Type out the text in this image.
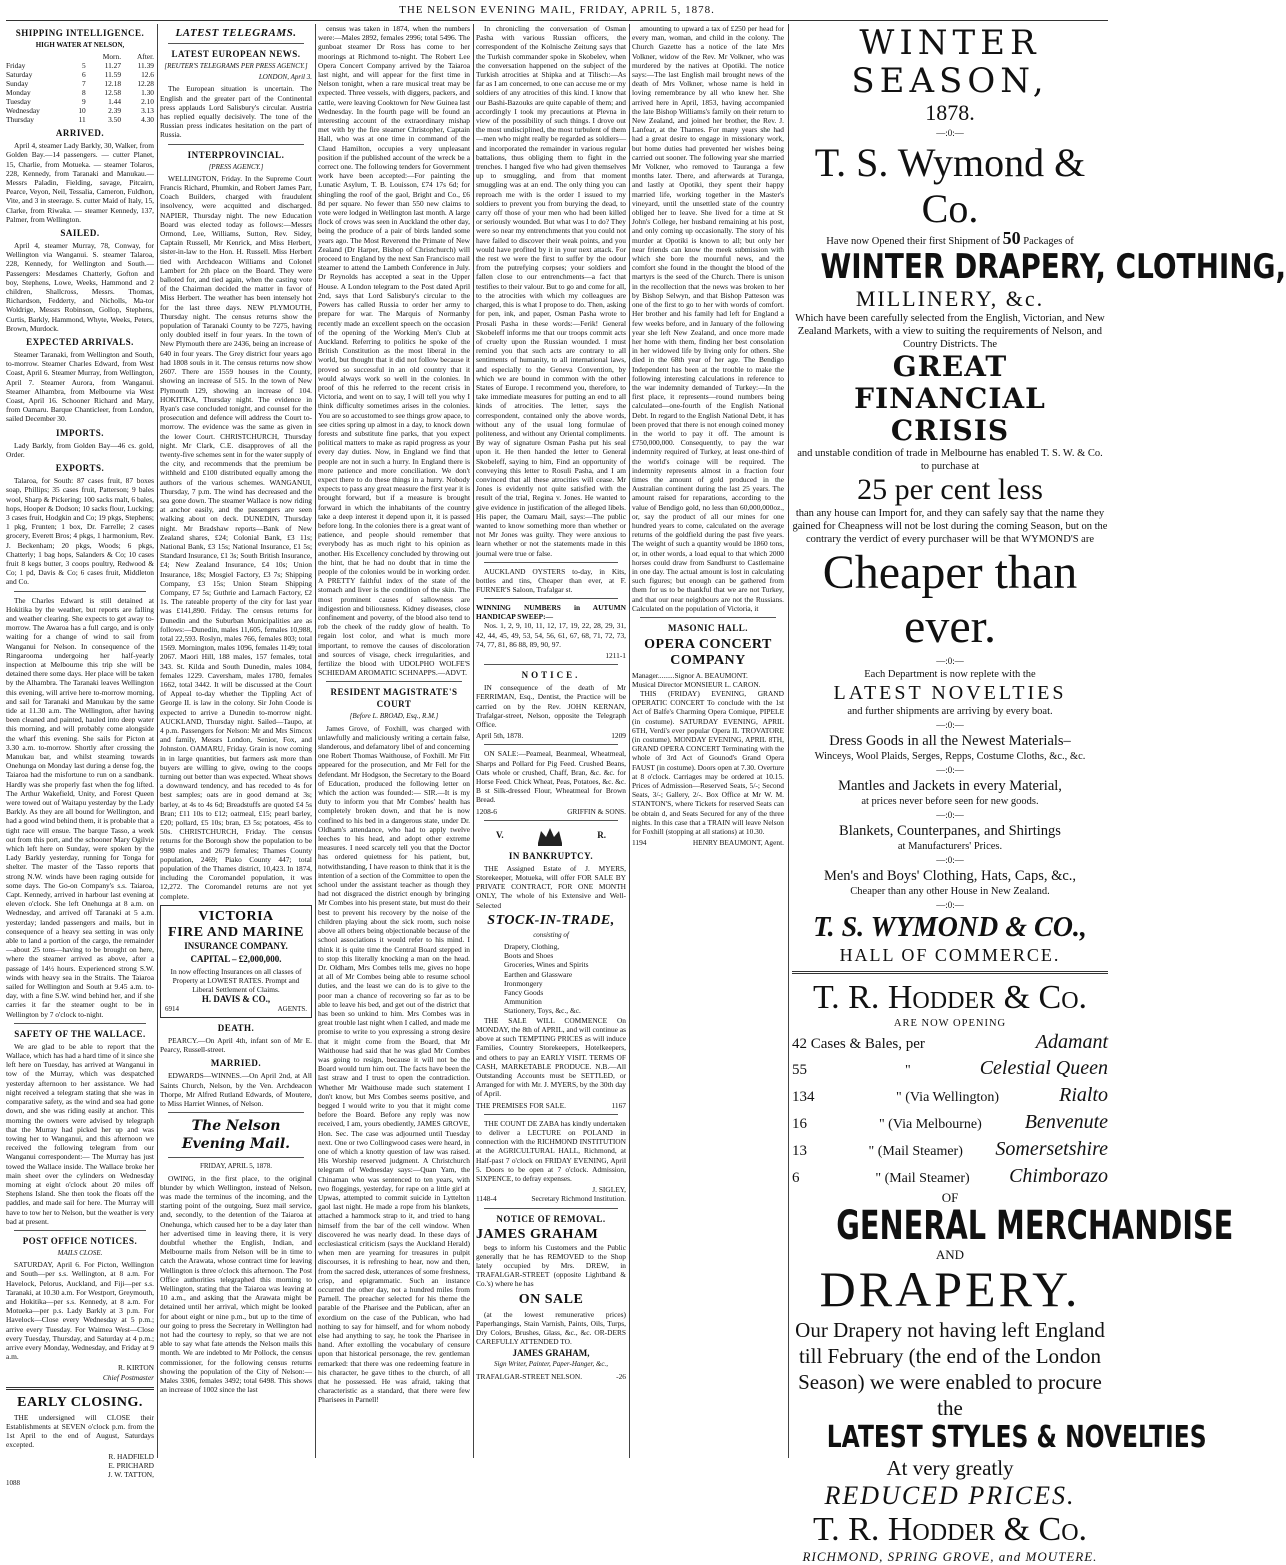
THE NELSON EVENING MAIL, FRIDAY, APRIL 5, 1878.
SHIPPING INTELLIGENCE.
HIGH WATER AT NELSON,
		Morn.	After.
Friday	5	11.27	11.39
Saturday	6	11.59	12.6
Sunday	7	12.18	12.28
Monday	8	12.58	1.30
Tuesday	9	1.44	2.10
Wednesday	10	2.39	3.13
Thursday	11	3.50	4.30
ARRIVED.

April 4, steamer Lady Barkly, 30, Walker, from Golden Bay.—14 passengers. — cutter Planet, 15, Charlie, from Motueka. — steamer Tolaros, 228, Kennedy, from Taranaki and Manukau.—Messrs Paladin, Fielding, savage, Pitcairn, Pearce, Veyon, Neil, Tessalia, Cameron, Fuldhon, Vite, and 3 in steerage. S. cutter Maid of Italy, 15, Clarke, from Riwaka. — steamer Kennedy, 137, Palmer, from Wellington.

SAILED.

April 4, steamer Murray, 78, Conway, for Wellington via Wanganui. S. steamer Talaroa, 228, Kennedy, for Wellington and South.—Passengers: Mesdames Chatterly, Gofton and boy, Stephens, Lowe, Weeks, Hammond and 2 children, Shallcross, Messrs. Thomas, Richardson, Fedderty, and Nicholls, Ma-tor Woldrige, Messrs Robinson, Gollop, Stephens, Curtis, Barkly, Hammond, Whyte, Weeks, Peters, Brown, Murdock.

EXPECTED ARRIVALS.

Steamer Taranaki, from Wellington and South, to-morrow. Steamer Charles Edward, from West Coast, April 6. Steamer Murray, from Wellington, April 7. Steamer Aurora, from Wanganui. Steamer Alhambra, from Melbourne via West Coast, April 16. Schooner Richard and Mary, from Oamaru. Barque Chanticleer, from London, sailed December 30.

IMPORTS.

Lady Barkly, from Golden Bay—46 cs. gold, Order.

EXPORTS.

Talaroa, for South: 87 cases fruit, 87 boxes soap, Phillips; 35 cases fruit, Patterson; 9 bales wool, Sharp & Pickering; 100 sacks malt, 6 bales, hops, Hooper & Dodson; 10 sacks flour, Lucking; 3 cases fruit, Hodgkin and Co; 19 pkgs, Stephens; 1 pkg, Frunten; 1 box, Dr. Farrelle; 2 cases grocery, Everett Bros; 4 pkgs, 1 harmonium, Rev. J. Beckenham; 20 pkgs, Woods; 6 pkgs, Chatterly; 1 bag hops, Salanders & Co; 10 cases fruit 8 kegs butter, 3 coops poultry, Redwood & Co; 1 pd, Davis & Co; 6 cases fruit, Middleton and Co.

The Charles Edward is still detained at Hokitika by the weather, but reports are falling and weather clearing. She expects to get away to-morrow. The Awaroa has a full cargo, and is only waiting for a change of wind to sail from Wanganui for Nelson. In consequence of the Ringarooma undergoing her half-yearly inspection at Melbourne this trip she will be detained there some days. Her place will be taken by the Alhambra. The Taranaki leaves Wellington this evening, will arrive here to-morrow morning, and sail for Taranaki and Manukau by the same tide at 11.30 a.m. The Wellington, after having been cleaned and painted, hauled into deep water this morning, and will probably come alongside the wharf this evening. She sails for Picton at 3.30 a.m. to-morrow. Shortly after crossing the Manukau bar, and whilst steaming towards Onehunga on Monday last during a dense fog, the Taiaroa had the misfortune to run on a sandbank. Hardly was she properly fast when the fog lifted. The Arthur Wakefield, Unity, and Forest Queen were towed out of Waitapu yesterday by the Lady Barkly. As they are all bound for Wellington, and had a good wind behind them, it is probable that a tight race will ensue. The barque Tasso, a week out from this port, and the schooner Mary Ogilvie which left here on Sunday, were spoken by the Lady Barkly yesterday, running for Tonga for shelter. The master of the Tasso reports that strong N.W. winds have been raging outside for some days. The Go-on Company's s.s. Taiaroa, Capt. Kennedy, arrived in harbour last evening at eleven o'clock. She left Onehunga at 8 a.m. on Wednesday, and arrived off Taranaki at 5 a.m. yesterday; landed passengers and mails, but in consequence of a heavy sea setting in was only able to land a portion of the cargo, the remainder—about 25 tons—having to be brought on here, where the steamer arrived as above, after a passage of 14½ hours. Experienced strong S.W. winds with heavy sea in the Straits. The Taiaroa sailed for Wellington and South at 9.45 a.m. to-day, with a fine S.W. wind behind her, and if she carries it far the steamer ought to be in Wellington by 7 o'clock to-night.

SAFETY OF THE WALLACE.

We are glad to be able to report that the Wallace, which has had a hard time of it since she left here on Tuesday, has arrived at Wanganui in tow of the Murray, which was despatched yesterday afternoon to her assistance. We had night received a telegram stating that she was in comparative safety, as the wind and sea had gone down, and she was riding easily at anchor. This morning the owners were advised by telegraph that the Murray had picked her up and was towing her to Wanganui, and this afternoon we received the following telegram from our Wanganui correspondent:— The Murray has just towed the Wallace inside. The Wallace broke her main sheet over the cylinders on Wednesday morning at eight o'clock about 20 miles off Stephens Island. She then took the floats off the paddles, and made sail for here. The Murray will have to tow her to Nelson, but the weather is very bad at present.

POST OFFICE NOTICES.
MAILS CLOSE.

SATURDAY, April 6. For Picton, Wellington and South—per s.s. Wellington, at 8 a.m. For Havelock, Pelorus, Auckland, and Fiji—per s.s. Taranaki, at 10.30 a.m. For Westport, Greymouth, and Hokitika—per s.s. Kennedy, at 8 a.m. For Motueka—per p.s. Lady Barkly at 3 p.m. For Havelock—Close every Wednesday at 5 p.m.; arrive every Tuesday. For Waimea West—Close every Tuesday, Thursday, and Saturday at 4 p.m.; arrive every Monday, Wednesday, and Friday at 9 a.m.

R. KIRTON
Chief Postmaster
EARLY CLOSING.

THE undersigned will CLOSE their Establishments at SEVEN o'clock p.m. from the 1st April to the end of August, Saturdays excepted.

R. HADFIELD
E. PRICHARD
J. W. TATTON,
1088
LATEST TELEGRAMS.
LATEST EUROPEAN NEWS.
[REUTER'S TELEGRAMS PER PRESS AGENCY.]
LONDON, April 3.

The European situation is uncertain. The English and the greater part of the Continental press applauds Lord Salisbury's circular. Austria has replied equally decisively. The tone of the Russian press indicates hesitation on the part of Russia.

INTERPROVINCIAL.
[PRESS AGENCY.]

WELLINGTON, Friday. In the Supreme Court Francis Richard, Phumkin, and Robert James Parr, Coach Builders, charged with fraudulent insolvency, were acquitted and discharged. NAPIER, Thursday night. The new Education Board was elected today as follows:—Messrs Ormond, Lee, Williams, Sutton, Rev. Sidey, Captain Russell, Mr Kenrick, and Miss Herbert, sister-in-law to the Hon. H. Russell. Miss Herbert tied with Archdeacon Williams and Colonel Lambert for 2th place on the Board. They were balloted for, and tied again, when the casting vote of the Chairman decided the matter in favor of Miss Herbert. The weather has been intensely hot for the last three days. NEW PLYMOUTH, Thursday night. The census returns show the population of Taranaki County to be 7275, having only doubled itself in four years. In the town of New Plymouth there are 2436, being an increase of 640 in four years. The Grey district four years ago had 1808 souls in it. The census returns now show 2607. There are 1559 houses in the County, showing an increase of 515. In the town of New Plymouth 129, showing an increase of 104. HOKITIKA, Thursday night. The evidence in Ryan's case concluded tonight, and counsel for the prosecution and defence will address the Court to-morrow. The evidence was the same as given in the lower Court. CHRISTCHURCH, Thursday night. Mr Clark, C.E. disapproves of all the twenty-five schemes sent in for the water supply of the city, and recommends that the premium be withheld and £100 distributed equally among the authors of the various schemes. WANGANUI, Thursday, 7 p.m. The wind has decreased and the sea gone down. The steamer Wallace is now riding at anchor easily, and the passengers are seen walking about on deck. DUNEDIN, Thursday night. Mr Bradshaw reports—Bank of New Zealand shares, £24; Colonial Bank, £3 11s; National Bank, £3 15s; National Insurance, £1 5s; Standard Insurance, £1 3s; South British Insurance, £4; New Zealand Insurance, £4 10s; Union Insurance, 18s; Mosgiel Factory, £3 7s; Shipping Company, £3 15s; Union Steam Shipping Company, £7 5s; Guthrie and Larnach Factory, £2 1s. The rateable property of the city for last year was £141,890. Friday. The census returns for Dunedin and the Suburban Municipalities are as follows:—Dunedin, males 11,605, females 10,988, total 22,593. Roslyn, males 766, females 803; total 1569. Mornington, males 1096, females 1149; total 2067. Maori Hill, 188 males, 157 females, total 343. St. Kilda and South Dunedin, males 1084, females 1229. Caversham, males 1780, females 1662, total 3442. It will be discussed at the Court of Appeal to-day whether the Tippling Act of George II. is law in the colony. Sir John Coode is expected to arrive a Dunedin to-morrow night. AUCKLAND, Thursday night. Sailed—Taupo, at 4 p.m. Passengers for Nelson: Mr and Mrs Simcox and family, Messrs London, Senior, Fox, and Johnston. OAMARU, Friday. Grain is now coming in in large quantities, but farmers ask more than buyers are willing to give, owing to the coops turning out better than was expected. Wheat shows a downward tendency, and has receded to 4s for best samples; oats are in good demand at 3s; barley, at 4s to 4s 6d; Breadstuffs are quoted £4 5s Bran; £11 10s to £12; oatmeal, £15; pearl barley, £20; pollard, £5 10s; bran, £3 5s; potatoes, 45s to 50s. CHRISTCHURCH, Friday. The census returns for the Borough show the population to be 9980 males and 2679 females; Thames County population, 2469; Piako County 447; total population of the Thames district, 10,423. In 1874, including the Coromandel population, it was 12,272. The Coromandel returns are not yet complete.

VICTORIA
FIRE AND MARINE
INSURANCE COMPANY.
CAPITAL – £2,000,000.
In now effecting Insurances on all classes of Property at LOWEST RATES. Prompt and Liberal Settlement of Claims.
H. DAVIS & CO.,
6914	AGENTS.
DEATH.

PEARCY.—On April 4th, infant son of Mr E. Pearcy, Russell-street.

MARRIED.

EDWARDS—WINNES.—On April 2nd, at All Saints Church, Nelson, by the Ven. Archdeacon Thorpe, Mr Alfred Rutland Edwards, of Moutere, to Miss Harriet Winnes, of Nelson.

The Nelson Evening Mail.
FRIDAY, APRIL 5, 1878.

OWING, in the first place, to the original blunder by which Wellington, instead of Nelson, was made the terminus of the incoming, and the starting point of the outgoing, Suez mail service, and, secondly, to the detention of the Taiaroa at Onehunga, which caused her to be a day later than her advertised time in leaving there, it is very doubtful whether the English, Indian, and Melbourne mails from Nelson will be in time to catch the Arawata, whose contract time for leaving Wellington is three o'clock this afternoon. The Post Office authorities telegraphed this morning to Wellington, stating that the Taiaroa was leaving at 10 a.m., and asking that the Arawata might be detained until her arrival, which might be looked for about eight or nine p.m., but up to the time of our going to press the Secretary in Wellington had not had the courtesy to reply, so that we are not able to say what fate attends the Nelson mails this month. We are indebted to Mr Pollock, the census commissioner, for the following census returns showing the population of the City of Nelson:—Males 3306, females 3492; total 6498. This shows an increase of 1002 since the last

census was taken in 1874, when the numbers were:—Males 2892, females 2996; total 5496. The gunboat steamer Dr Ross has come to her moorings at Richmond to-night. The Robert Lee Opera Concert Company arrived by the Taiaroa last night, and will appear for the first time in Nelson tonight, when a rare musical treat may be expected. Three vessels, with diggers, packers, and cattle, were leaving Cooktown for New Guinea last Wednesday. In the fourth page will be found an interesting account of the extraordinary mishap met with by the fire steamer Christopher, Captain Hall, who was at one time in command of the Claud Hamilton, occupies a very unpleasant position if the published account of the wreck be a correct one. The following tenders for Government work have been accepted:—For painting the Lunatic Asylum, T. B. Louisson, £74 17s 6d; for shingling the roof of the gaol, Bright and Co., £6 8d per square. No fewer than 550 new claims to vote were lodged in Wellington last month. A large flock of crows was seen in Auckland the other day, being the produce of a pair of birds landed some years ago. The Most Reverend the Primate of New Zealand (Dr Harper, Bishop of Christchurch) will proceed to England by the next San Francisco mail steamer to attend the Lambeth Conference in July. Dr Reynolds has accepted a seat in the Upper House. A London telegram to the Post dated April 2nd, says that Lord Salisbury's circular to the Powers has called Russia to order her army to prepare for war. The Marquis of Normanby recently made an excellent speech on the occasion of the opening of the Working Men's Club at Auckland. Referring to politics he spoke of the British Constitution as the most liberal in the world, but thought that it did not follow because it proved so successful in an old country that it would always work so well in the colonies. In proof of this he referred to the recent crisis in Victoria, and went on to say, I will tell you why I think difficulty sometimes arises in the colonies. You are so accustomed to see things grow apace, to see cities spring up almost in a day, to knock down forests and substitute fine parks, that you expect political matters to make as rapid progress as your every day duties. Now, in England we find that people are not in such a hurry. In England there is more patience and more conciliation. We don't expect there to do these things in a hurry. Nobody expects to pass any great measure the first year it is brought forward, but if a measure is brought forward in which the inhabitants of the country take a deep interest it depend upon it, it is passed before long. In the colonies there is a great want of patience, and people should remember that everybody has as much right to his opinion as another. His Excellency concluded by throwing out the hint, that he had no doubt that in time the people of the colonies would be in working order. A PRETTY faithful index of the state of the stomach and liver is the condition of the skin. The most prominent causes of sallowness are indigestion and biliousness. Kidney diseases, close confinement and poverty, of the blood also tend to rob the cheek of the ruddy glow of health. To regain lost color, and what is much more important, to remove the causes of discoloration and sources of visage, check irregularities, and fertilize the blood with UDOLPHO WOLFE'S SCHIEDAM AROMATIC SCHNAPPS.—ADVT.

RESIDENT MAGISTRATE'S COURT
[Before L. BROAD, Esq., R.M.]

James Grove, of Foxhill, was charged with unlawfully and maliciously writing a certain false, slanderous, and defamatory libel of and concerning one Robert Thomas Waithouse, of Foxhill. Mr Fitt appeared for the prosecution, and Mr Fell for the defendant. Mr Hodgson, the Secretary to the Board of Education, produced the following letter on which the action was founded:— SIR.—It is my duty to inform you that Mr Combes' health has completely broken down, and that he is now confined to his bed in a dangerous state, under Dr. Oldham's attendance, who had to apply twelve leeches to his head, and adopt other extreme measures. I need scarcely tell you that the Doctor has ordered quietness for his patient, but, notwithstanding, I have reason to think that it is the intention of a section of the Committee to open the school under the assistant teacher as though they had not disgraced the district enough by bringing Mr Combes into his present state, but must do their best to prevent his recovery by the noise of the children playing about the sick room, such noise above all others being objectionable because of the school associations it would refer to his mind. I think it is quite time the Central Board stepped in to stop this literally knocking a man on the head. Dr. Oldham, Mrs Combes tells me, gives no hope at all of Mr Combes being able to resume school duties, and the least we can do is to give to the poor man a chance of recovering so far as to be able to leave his bed, and get out of the district that has been so unkind to him. Mrs Combes was in great trouble last night when I called, and made me promise to write to you expressing a strong desire that it might come from the Board, that Mr Waithouse had said that he was glad Mr Combes was going to resign, because it will not be the Board would turn him out. The facts have been the last straw and I trust to open the contradiction. Whether Mr Waithouse made such statement I don't know, but Mrs Combes seems positive, and begged I would write to you that it might come before the Board. Before any reply was now received, I am, yours obediently, JAMES GROVE, Hon. Sec. The case was adjourned until Tuesday next. One or two Collingwood cases were heard, in one of which a knotty question of law was raised. His Worship reserved judgment. A Christchurch telegram of Wednesday says:—Quan Yam, the Chinaman who was sentenced to ten years, with two floggings, yesterday, for rape on a little girl at Upwas, attempted to commit suicide in Lyttelton gaol last night. He made a rope from his blankets, attached a hammock strap to it, and tried to hang himself from the bar of the cell window. When discovered he was nearly dead. In these days of ecclesiastical criticism (says the Auckland Herald) when men are yearning for treasures in pulpit discourses, it is refreshing to hear, now and then, from the sacred desk, utterances of some freshness, crisp, and epigrammatic. Such an instance occurred the other day, not a hundred miles from Parnell. The preacher selected for his theme the parable of the Pharisee and the Publican, after an exordium on the case of the Publican, who had nothing to say for himself, and for whom nobody else had anything to say, he took the Pharisee in hand. After extolling the vocabulary of censure upon that historical personage, the rev. gentleman remarked: that there was one redeeming feature in his character, he gave tithes to the church, of all that he possessed. He was afraid, taking that characteristic as a standard, that there were few Pharisees in Parnell!

In chronicling the conversation of Osman Pasha with various Russian officers, the correspondent of the Kolnische Zeitung says that the Turkish commander spoke in Skobelev, when the conversation happened on the subject of the Turkish atrocities at Shipka and at Tilisch:—As far as I am concerned, to one can accuse me or my soldiers of any atrocities of this kind. I know that our Bashi-Bazouks are quite capable of them; and accordingly I took my precautions at Plevna in view of the possibility of such things. I drove out the most undisciplined, the most turbulent of them—men who might really be regarded as soldiers—and incorporated the remainder in various regular battalions, thus obliging them to fight in the trenches. I hanged five who had given themselves up to smuggling, and from that moment smuggling was at an end. The only thing you can reproach me with is the order I issued to my soldiers to prevent you from burying the dead, to carry off those of your men who had been killed or seriously wounded. But what was I to do? They were so near my entrenchments that you could not have failed to discover their weak points, and you would have profited by it in your next attack. For the rest we were the first to suffer by the odour from the putrefying corpses; your soldiers and fallen close to our entrenchments—a fact that testifies to their valour. But to go and come for all, to the atrocities with which my colleagues are charged, this is what I propose to do. Then, asking for pen, ink, and paper, Osman Pasha wrote to Prosali Pasha in these words:—Ferik! General Skobeleff informs me that our troops commit acts of cruelty upon the Russian wounded. I must remind you that such acts are contrary to all sentiments of humanity, to all international laws, and especially to the Geneva Convention, by which we are bound in common with the other States of Europe. I recommend you, therefore, to take immediate measures for putting an end to all kinds of atrocities. The letter, says the correspondent, contained only the above words, without any of the usual long formulae of politeness, and without any Oriental compliments. By way of signature Osman Pasha put his seal upon it. He then handed the letter to General Skobeleff, saying to him, Find an opportunity of conveying this letter to Rosuli Pasha, and I am convinced that all these atrocities will cease. Mr Jones is evidently not quite satisfied with the result of the trial, Regina v. Jones. He wanted to give evidence in justification of the alleged libels. His paper, the Oamaru Mail, says:—The public wanted to know something more than whether or not Mr Jones was guilty. They were anxious to learn whether or not the statements made in this journal were true or false.

AUCKLAND OYSTERS to-day, in Kits, bottles and tins, Cheaper than ever, at F. FURNER'S Saloon, Trafalgar st.

WINNING NUMBERS in AUTUMN HANDICAP SWEEP:—

Nos. 1, 2, 9, 10, 11, 12, 17, 19, 22, 28, 29, 31, 42, 44, 45, 49, 53, 54, 56, 61, 67, 68, 71, 72, 73, 74, 77, 81, 86 88, 89, 90, 97.

1211-1
NOTICE.

IN consequence of the death of Mr FERRIMAN, Esq., Dentist, the Practice will be carried on by the Rev. JOHN KERNAN, Trafalgar-street, Nelson, opposite the Telegraph Office.

April 5th, 1878.	1209

ON SALE:—Peameal, Beanmeal, Wheatmeal, Sharps and Pollard for Pig Feed. Crushed Beans, Oats whole or crushed, Chaff, Bran, &c. &c. for Horse Feed. Chick Wheat, Peas, Potatoes, &c. &c. B st Silk-dressed Flour, Wheatmeal for Brown Bread.

1208-6	GRIFFIN & SONS.
V.	R.
IN BANKRUPTCY.

THE Assigned Estate of J. MYERS, Storekeeper, Motueka, will offer FOR SALE BY PRIVATE CONTRACT, FOR ONE MONTH ONLY, The whole of his Extensive and Well-Selected

STOCK-IN-TRADE,
consisting of
Drapery, Clothing,
Boots and Shoes
Groceries, Wines and Spirits
Earthen and Glassware
Ironmongery
Fancy Goods
Ammunition
Stationery, Toys, &c., &c.

THE SALE WILL COMMENCE On MONDAY, the 8th of APRIL, and will continue as above at such TEMPTING PRICES as will induce Families, Country Storekeepers, Hotelkeepers, and others to pay an EARLY VISIT. TERMS OF CASH, MARKETABLE PRODUCE. N.B.—All Outstanding Accounts must be SETTLED, or Arranged for with Mr. J. MYERS, by the 30th day of April.

THE PREMISES FOR SALE.	1167

THE COUNT DE ZABA has kindly undertaken to deliver a LECTURE on POLAND in connection with the RICHMOND INSTITUTION at the AGRICULTURAL HALL, Richmond, at Half-past 7 o'clock on FRIDAY EVENING, April 5. Doors to be open at 7 o'clock. Admission, SIXPENCE, to defray expenses.

J. SIGLEY,
1148-4	Secretary Richmond Institution.
NOTICE OF REMOVAL.
JAMES GRAHAM

begs to inform his Customers and the Public generally that he has REMOVED to the Shop lately occupied by Mrs. DREW, in TRAFALGAR-STREET (opposite Lightband & Co.'s) where he has

ON SALE

(at the lowest remunerative prices) Paperhangings, Stain Varnish, Paints, Oils, Turps, Dry Colors, Brushes, Glass, &c., &c. OR-DERS CAREFULLY ATTENDED TO.

JAMES GRAHAM,
Sign Writer, Painter, Paper-Hanger, &c.,
TRAFALGAR-STREET NELSON.	-26

amounting to upward a tax of £250 per head for every man, woman, and child in the colony. The Church Gazette has a notice of the late Mrs Volkner, widow of the Rev. Mr Volkner, who was murdered by the natives at Opotiki. The notice says:—The last English mail brought news of the death of Mrs Volkner, whose name is held in loving remembrance by all who knew her. She arrived here in April, 1853, having accompanied the late Bishop Williams's family on their return to New Zealand, and joined her brother, the Rev. J. Lanfear, at the Thames. For many years she had had a great desire to engage in missionary work, but home duties had prevented her wishes being carried out sooner. The following year she married Mr Volkner, who removed to Tauranga a few months later. There, and afterwards at Turanga, and lastly at Opotiki, they spent their happy married life, working together in the Master's vineyard, until the unsettled state of the country obliged her to leave. She lived for a time at St John's College, her husband remaining at his post, and only coming up occasionally. The story of his murder at Opotiki is known to all; but only her near friends can know the meek submission with which she bore the mournful news, and the comfort she found in the thought the blood of the martyrs is the seed of the Church. There is unison in the recollection that the news was broken to her by Bishop Selwyn, and that Bishop Patteson was one of the first to go to her with words of comfort. Her brother and his family had left for England a few weeks before, and in January of the following year she left New Zealand, and once more made her home with them, finding her best consolation in her widowed life by living only for others. She died in the 68th year of her age. The Bendigo Independent has been at the trouble to make the following interesting calculations in reference to the war indemnity demanded of Turkey:—In the first place, it represents—round numbers being calculated—one-fourth of the English National Debt. In regard to the English National Debt, it has been proved that there is not enough coined money in the world to pay it off. The amount is £750,000,000. Consequently, to pay the war indemnity required of Turkey, at least one-third of the world's coinage will be required. The indemnity represents almost in a fraction four times the amount of gold produced in the Australian continent during the last 25 years. The amount raised for reparations, according to the value of Bendigo gold, no less than 60,000,000oz., or, say the product of all our mines for one hundred years to come, calculated on the average returns of the goldfield during the past five years. The weight of such a quantity would be 1860 tons, or, in other words, a load equal to that which 2000 horses could draw from Sandhurst to Castlemaine in one day. The actual amount is lost in calculating such figures; but enough can be gathered from them for us to be thankful that we are not Turkey, and that our near neighbours are not the Russians. Calculated on the population of Victoria, it

MASONIC HALL.
OPERA CONCERT COMPANY
Manager.........Signor A. BEAUMONT.
Musical Director MONSIEUR L. CARON.

THIS (FRIDAY) EVENING, GRAND OPERATIC CONCERT To conclude with the 1st Act of Balfe's Charming Opera Comique, PIPELE (in costume). SATURDAY EVENING, APRIL 6TH, Verdi's ever popular Opera IL TROVATORE (in costume). MONDAY EVENING, APRIL 8TH, GRAND OPERA CONCERT Terminating with the whole of 3rd Act of Gounod's Grand Opera FAUST (in costume). Doors open at 7.30. Overture at 8 o'clock. Carriages may be ordered at 10.15. Prices of Admission—Reserved Seats, 5/-; Second Seats, 3/-; Gallery, 2/-. Box Office at Mr W. M. STANTON'S, where Tickets for reserved Seats can be obtain d, and Seats Secured for any of the three nights. In this case that a TRAIN will leave Nelson for Foxhill (stopping at all stations) at 10.30.

1194	HENRY BEAUMONT, Agent.
WINTER SEASON,
1878.
—:0:—
T. S. Wymond & Co.
Have now Opened their first Shipment of 50 Packages of
WINTER DRAPERY, CLOTHING,
MILLINERY, &c.
Which have been carefully selected from the English, Victorian, and New Zealand Markets, with a view to suiting the requirements of Nelson, and Country Districts. The
GREAT FINANCIAL CRISIS
and unstable condition of trade in Melbourne has enabled T. S. W. & Co. to purchase at
25 per cent less
than any house can Import for, and they can safely say that the name they gained for Cheapness will not be lost during the coming Season, but on the contrary the verdict of every purchaser will be that WYMOND'S are
Cheaper than ever.
—:0:—
Each Department is now replete with the
LATEST NOVELTIES
and further shipments are arriving by every boat.
—:0:—
Dress Goods in all the Newest Materials–
Winceys, Wool Plaids, Serges, Repps, Costume Cloths, &c., &c.
—:0:—
Mantles and Jackets in every Material,
at prices never before seen for new goods.
—:0:—
Blankets, Counterpanes, and Shirtings
at Manufacturers' Prices.
—:0:—
Men's and Boys' Clothing, Hats, Caps, &c.,
Cheaper than any other House in New Zealand.
—:0:—
T. S. WYMOND & CO.,
HALL OF COMMERCE.
T. R. Hodder & Co.
ARE NOW OPENING
42 Cases & Bales, per	Adamant
55	"	Celestial Queen
134	" (Via Wellington)	Rialto
16	" (Via Melbourne)	Benvenute
13	" (Mail Steamer)	Somersetshire
6	" (Mail Steamer)	Chimborazo
OF
GENERAL MERCHANDISE
AND
DRAPERY.
Our Drapery not having left England till February (the end of the London Season) we were enabled to procure the
LATEST STYLES & NOVELTIES
At very greatly
REDUCED PRICES.
T. R. Hodder & Co.
RICHMOND, SPRING GROVE, and MOUTERE.
